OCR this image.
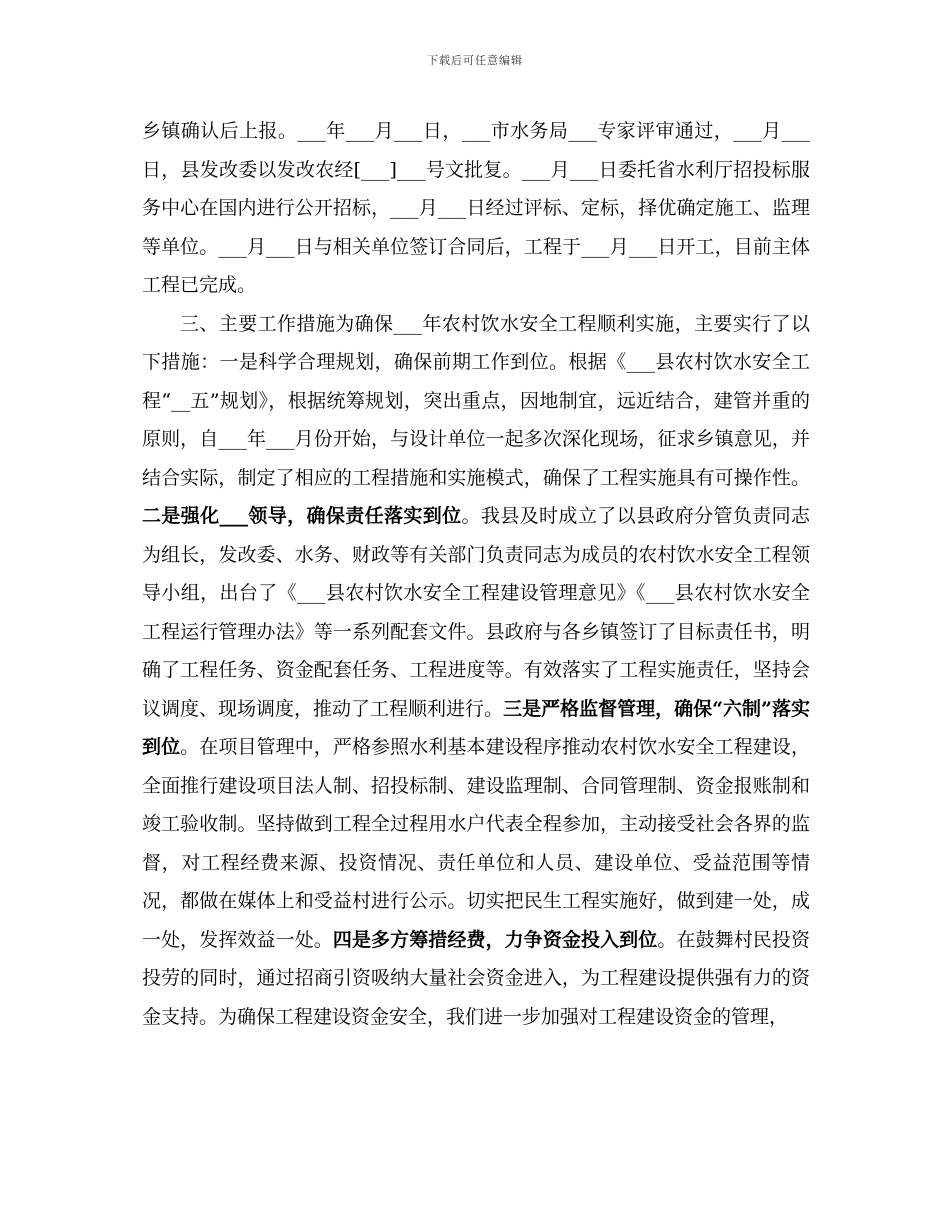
下载后可任意编辑

乡镇确认后上报。___年___月___日，___市水务局___专家评审通过，___月___日，县发改委以发改农经[___]___号文批复。___月___日委托省水利厅招投标服务中心在国内进行公开招标，___月___日经过评标、定标，择优确定施工、监理等单位。___月___日与相关单位签订合同后，工程于___月___日开工，目前主体工程已完成。

三、主要工作措施为确保___年农村饮水安全工程顺利实施，主要实行了以下措施：一是科学合理规划，确保前期工作到位。根据《___县农村饮水安全工程“__五”规划》，根据统筹规划，突出重点，因地制宜，远近结合，建管并重的原则，自___年___月份开始，与设计单位一起多次深化现场，征求乡镇意见，并结合实际，制定了相应的工程措施和实施模式，确保了工程实施具有可操作性。二是强化___领导，确保责任落实到位。我县及时成立了以县政府分管负责同志为组长，发改委、水务、财政等有关部门负责同志为成员的农村饮水安全工程领导小组，出台了《___县农村饮水安全工程建设管理意见》《___县农村饮水安全工程运行管理办法》等一系列配套文件。县政府与各乡镇签订了目标责任书，明确了工程任务、资金配套任务、工程进度等。有效落实了工程实施责任，坚持会议调度、现场调度，推动了工程顺利进行。三是严格监督管理，确保“六制”落实到位。在项目管理中，严格参照水利基本建设程序推动农村饮水安全工程建设，全面推行建设项目法人制、招投标制、建设监理制、合同管理制、资金报账制和竣工验收制。坚持做到工程全过程用水户代表全程参加，主动接受社会各界的监督，对工程经费来源、投资情况、责任单位和人员、建设单位、受益范围等情况，都做在媒体上和受益村进行公示。切实把民生工程实施好，做到建一处，成一处，发挥效益一处。四是多方筹措经费，力争资金投入到位。在鼓舞村民投资投劳的同时，通过招商引资吸纳大量社会资金进入，为工程建设提供强有力的资金支持。为确保工程建设资金安全，我们进一步加强对工程建设资金的管理，
